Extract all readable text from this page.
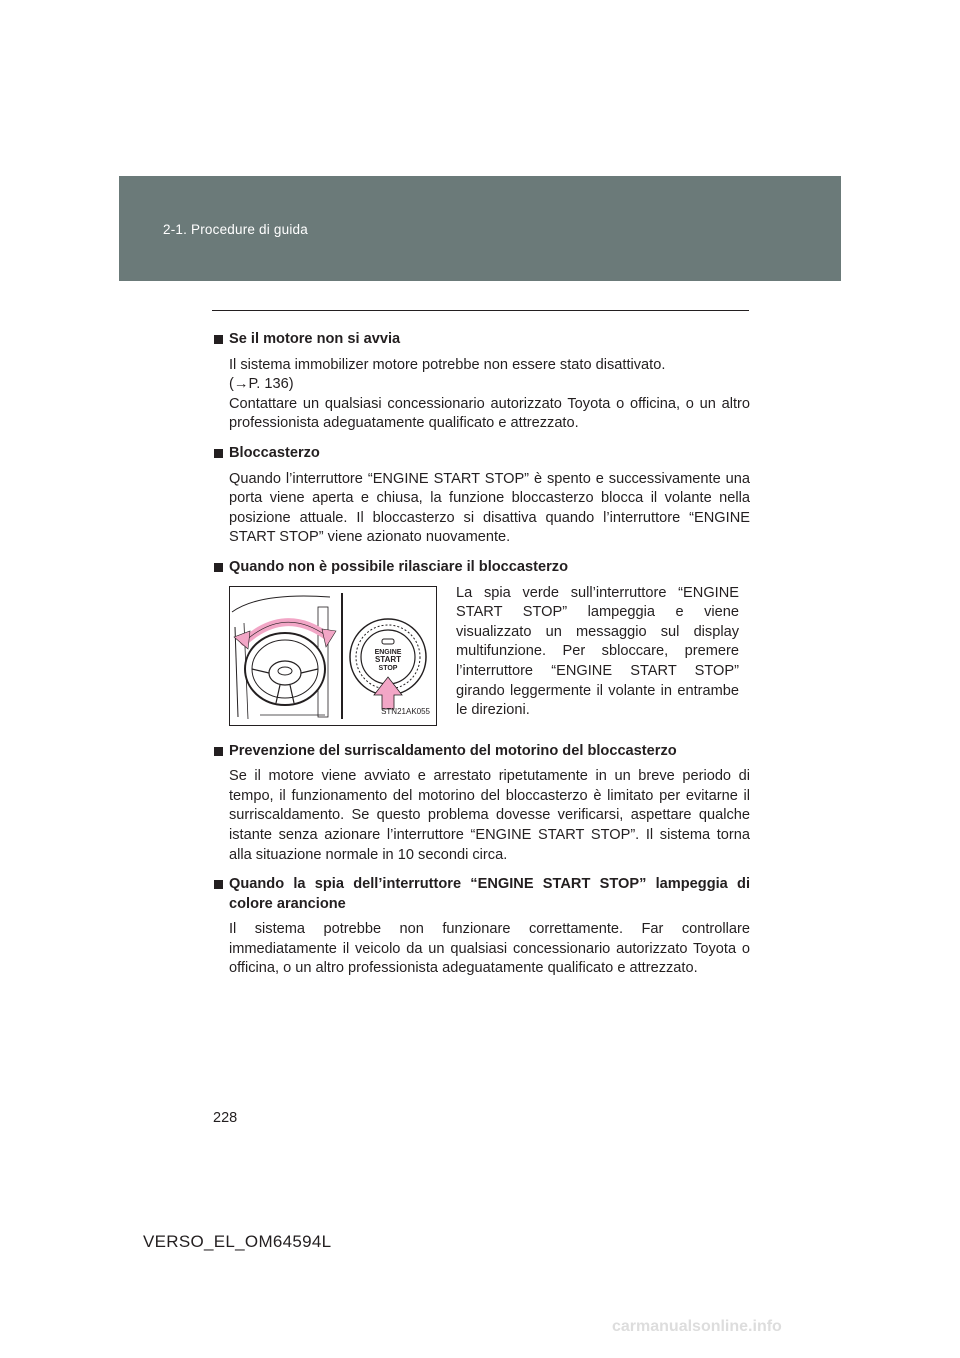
2-1. Procedure di guida

Se il motore non si avvia

Il sistema immobilizer motore potrebbe non essere stato disattivato.
(→P. 136)
Contattare un qualsiasi concessionario autorizzato Toyota o officina, o un altro professionista adeguatamente qualificato e attrezzato.

Bloccasterzo

Quando l’interruttore “ENGINE START STOP” è spento e successivamente una porta viene aperta e chiusa, la funzione bloccasterzo blocca il volante nella posizione attuale. Il bloccasterzo si disattiva quando l’interruttore “ENGINE START STOP” viene azionato nuovamente.

Quando non è possibile rilasciare il bloccasterzo

ENGINE
START
STOP
STN21AK055
La spia verde sull’interruttore “ENGINE START STOP” lampeggia e viene visualizzato un messaggio sul display multifunzione. Per sbloccare, premere l’interruttore “ENGINE START STOP” girando leggermente il volante in entrambe le direzioni.

Prevenzione del surriscaldamento del motorino del bloccasterzo

Se il motore viene avviato e arrestato ripetutamente in un breve periodo di tempo, il funzionamento del motorino del bloccasterzo è limitato per evitarne il surriscaldamento. Se questo problema dovesse verificarsi, aspettare qualche istante senza azionare l’interruttore “ENGINE START STOP”. Il sistema torna alla situazione normale in 10 secondi circa.

Quando la spia dell’interruttore “ENGINE START STOP” lampeggia di colore arancione

Il sistema potrebbe non funzionare correttamente. Far controllare immediatamente il veicolo da un qualsiasi concessionario autorizzato Toyota o officina, o un altro professionista adeguatamente qualificato e attrezzato.

228
VERSO_EL_OM64594L
carmanualsonline.info
